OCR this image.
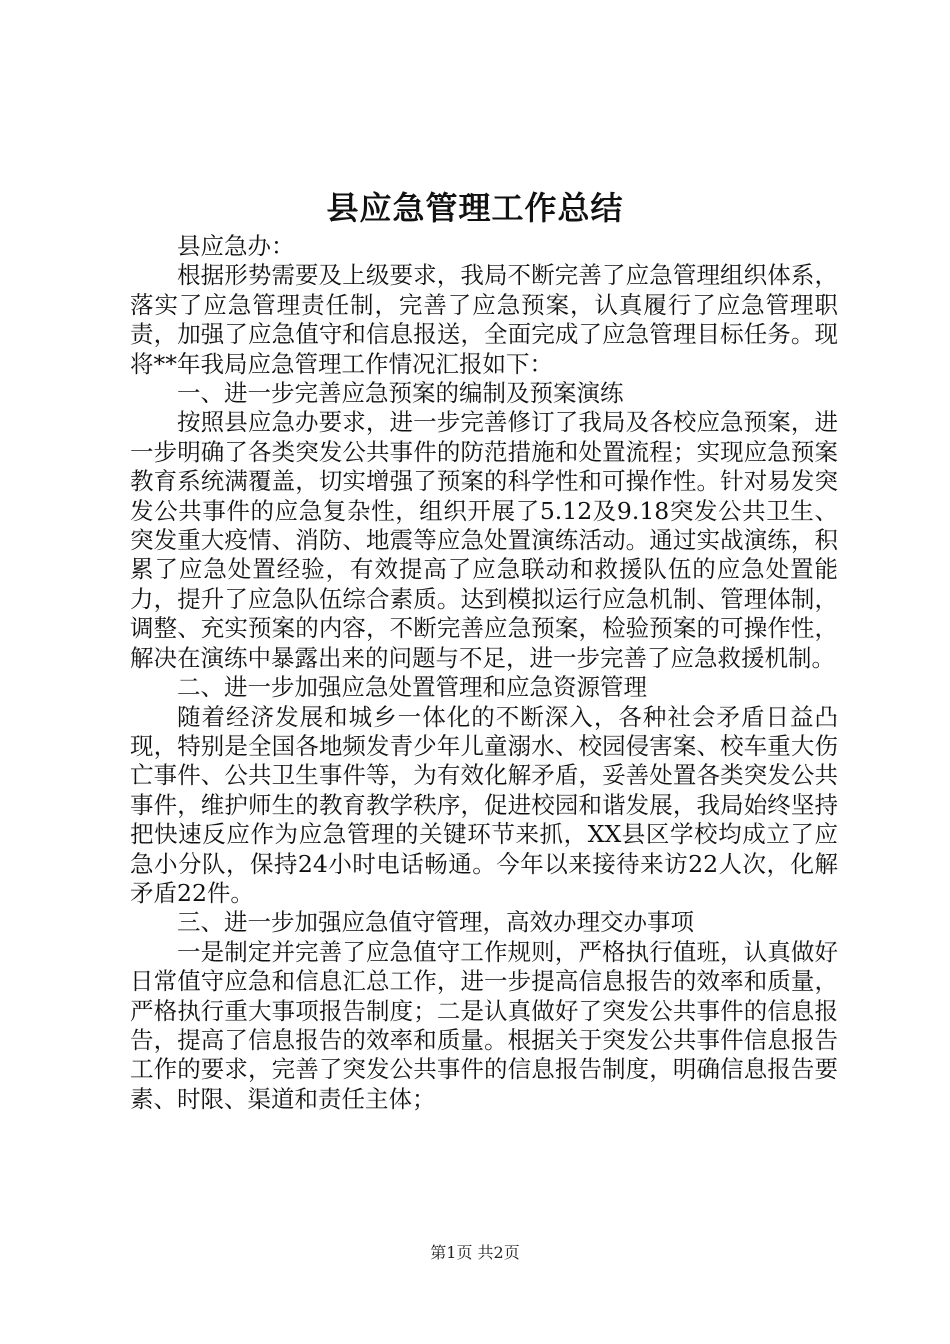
县应急管理工作总结

县应急办：

根据形势需要及上级要求，我局不断完善了应急管理组织体系，落实了应急管理责任制，完善了应急预案，认真履行了应急管理职责，加强了应急值守和信息报送，全面完成了应急管理目标任务。现将**年我局应急管理工作情况汇报如下：

一、进一步完善应急预案的编制及预案演练

按照县应急办要求，进一步完善修订了我局及各校应急预案，进一步明确了各类突发公共事件的防范措施和处置流程；实现应急预案教育系统满覆盖，切实增强了预案的科学性和可操作性。针对易发突发公共事件的应急复杂性，组织开展了5.12及9.18突发公共卫生、突发重大疫情、消防、地震等应急处置演练活动。通过实战演练，积累了应急处置经验，有效提高了应急联动和救援队伍的应急处置能力，提升了应急队伍综合素质。达到模拟运行应急机制、管理体制，调整、充实预案的内容，不断完善应急预案，检验预案的可操作性，解决在演练中暴露出来的问题与不足，进一步完善了应急救援机制。

二、进一步加强应急处置管理和应急资源管理

随着经济发展和城乡一体化的不断深入，各种社会矛盾日益凸现，特别是全国各地频发青少年儿童溺水、校园侵害案、校车重大伤亡事件、公共卫生事件等，为有效化解矛盾，妥善处置各类突发公共事件，维护师生的教育教学秩序，促进校园和谐发展，我局始终坚持把快速反应作为应急管理的关键环节来抓，XX县区学校均成立了应急小分队，保持24小时电话畅通。今年以来接待来访22人次，化解矛盾22件。

三、进一步加强应急值守管理，高效办理交办事项

一是制定并完善了应急值守工作规则，严格执行值班，认真做好日常值守应急和信息汇总工作，进一步提高信息报告的效率和质量，严格执行重大事项报告制度；二是认真做好了突发公共事件的信息报告，提高了信息报告的效率和质量。根据关于突发公共事件信息报告工作的要求，完善了突发公共事件的信息报告制度，明确信息报告要素、时限、渠道和责任主体；

第1页 共2页
